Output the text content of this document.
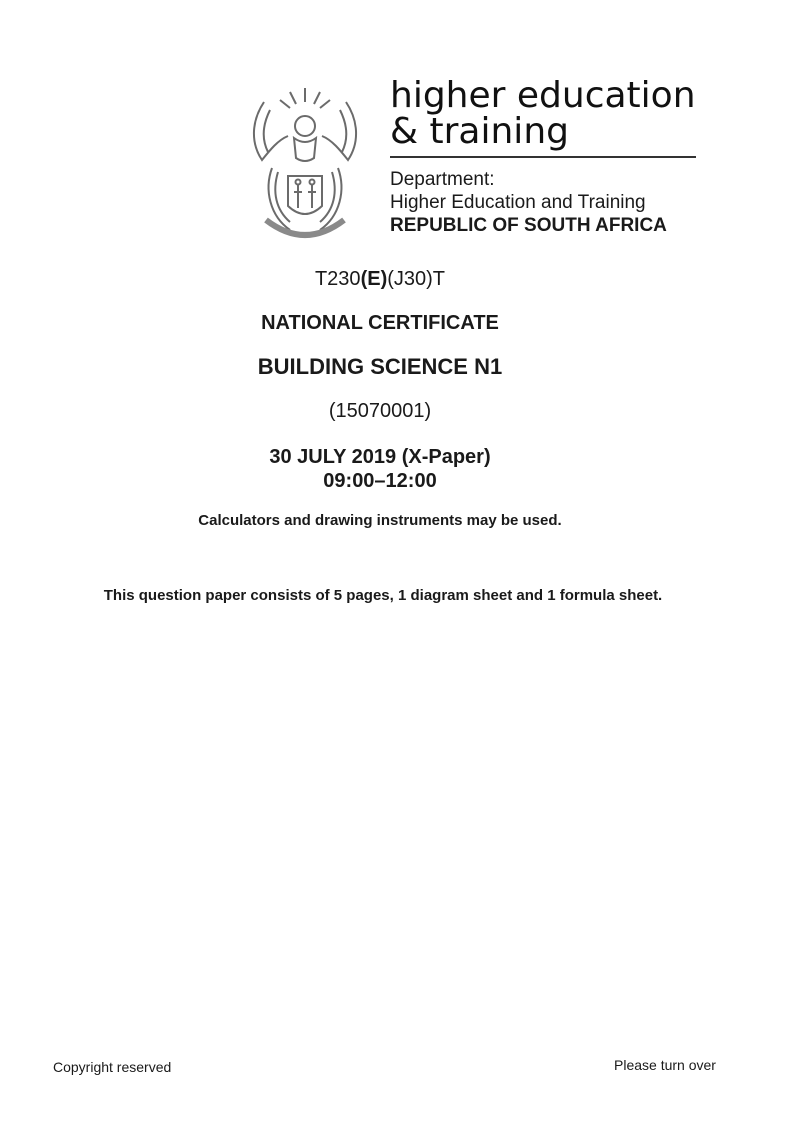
higher education
& training
Department:
Higher Education and Training
REPUBLIC OF SOUTH AFRICA
T230(E)(J30)T
NATIONAL CERTIFICATE
BUILDING SCIENCE N1
(15070001)
30 JULY 2019 (X-Paper)
09:00–12:00
Calculators and drawing instruments may be used.
This question paper consists of 5 pages, 1 diagram sheet and 1 formula sheet.
Copyright reserved	Please turn over
